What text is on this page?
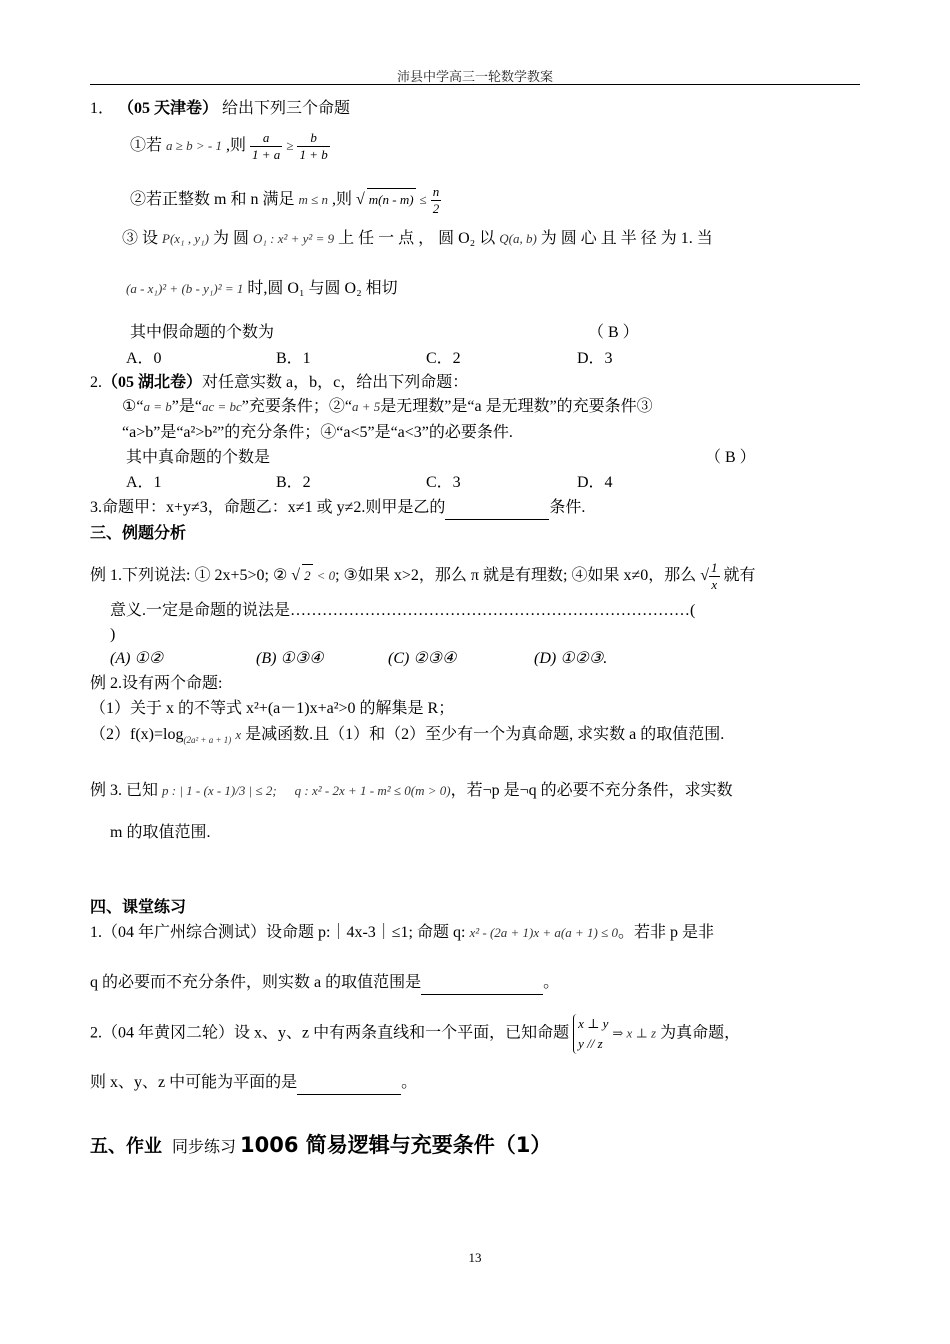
沛县中学高三一轮数学教案
1． （05 天津卷） 给出下列三个命题
①若 a ≥ b > - 1 ,则 $\frac{a}{1 + a} \ge \frac{b}{1 + b}$
②若正整数 m 和 n 满足 m ≤ n ,则 √ $m(n - m) \le \frac{n}{2}$
③ 设 P(x₁ , y₁) 为 圆 O₁ : x² + y² = 9 上 任 一 点 ， 圆 O₂ 以 Q(a, b) 为 圆 心 且 半 径 为 1. 当
(a - x₁)² + (b - y₁)² = 1 时,圆 O₁ 与圆 O₂ 相切
其中假命题的个数为	（ B ）
A．0	B．1	C．2	D．3
2.（05 湖北卷）对任意实数 a，b，c，给出下列命题：
①“a = b”是“ac = bc”充要条件；②“a + 5是无理数”是“a 是无理数”的充要条件③
“a>b”是“a²>b²”的充分条件；④“a<5”是“a<3”的必要条件.
其中真命题的个数是	（ B ）
A．1	B．2	C．3	D．4
3.命题甲：x+y≠3，命题乙：x≠1 或 y≠2.则甲是乙的	条件.
三、例题分析
例 1.下列说法: ① 2x+5>0; ② √ 2 < 0; ③如果 x>2，那么 π 就是有理数; ④如果 x≠0，那么 √ $\frac{1}{x}$ 就有
意义.一定是命题的说法是…………………………………………………………………(
)
(A) ①②	(B) ①③④	(C) ②③④	(D) ①②③.
例 2.设有两个命题:
（1）关于 x 的不等式 x²+(a－1)x+a²>0 的解集是 R；
$(2)f(x)=\log_{(2a^2 + a + 1)}$ x 是减函数.且（1）和（2）至少有一个为真命题, 求实数 a 的取值范围.
例 3. 已知 p : | 1 - (x - 1)/3 | ≤ 2; q : x² - 2x + 1 - m² ≤ 0(m > 0)，若¬p 是¬q 的必要不充分条件，求实数
m 的取值范围.
四、课堂练习
1.（04 年广州综合测试）设命题 p:｜4x-3｜≤1; 命题 q: x² - (2a + 1)x + a(a + 1) ≤ 0。若非 p 是非
q 的必要而不充分条件，则实数 a 的取值范围是	。
2.（04 年黄冈二轮）设 x、y、z 中有两条直线和一个平面，已知命题
x ⊥ y
y // z
⇒ x ⊥ z 为真命题，
则 x、y、z 中可能为平面的是	。
五、作业 同步练习 1006 简易逻辑与充要条件（1）
13
